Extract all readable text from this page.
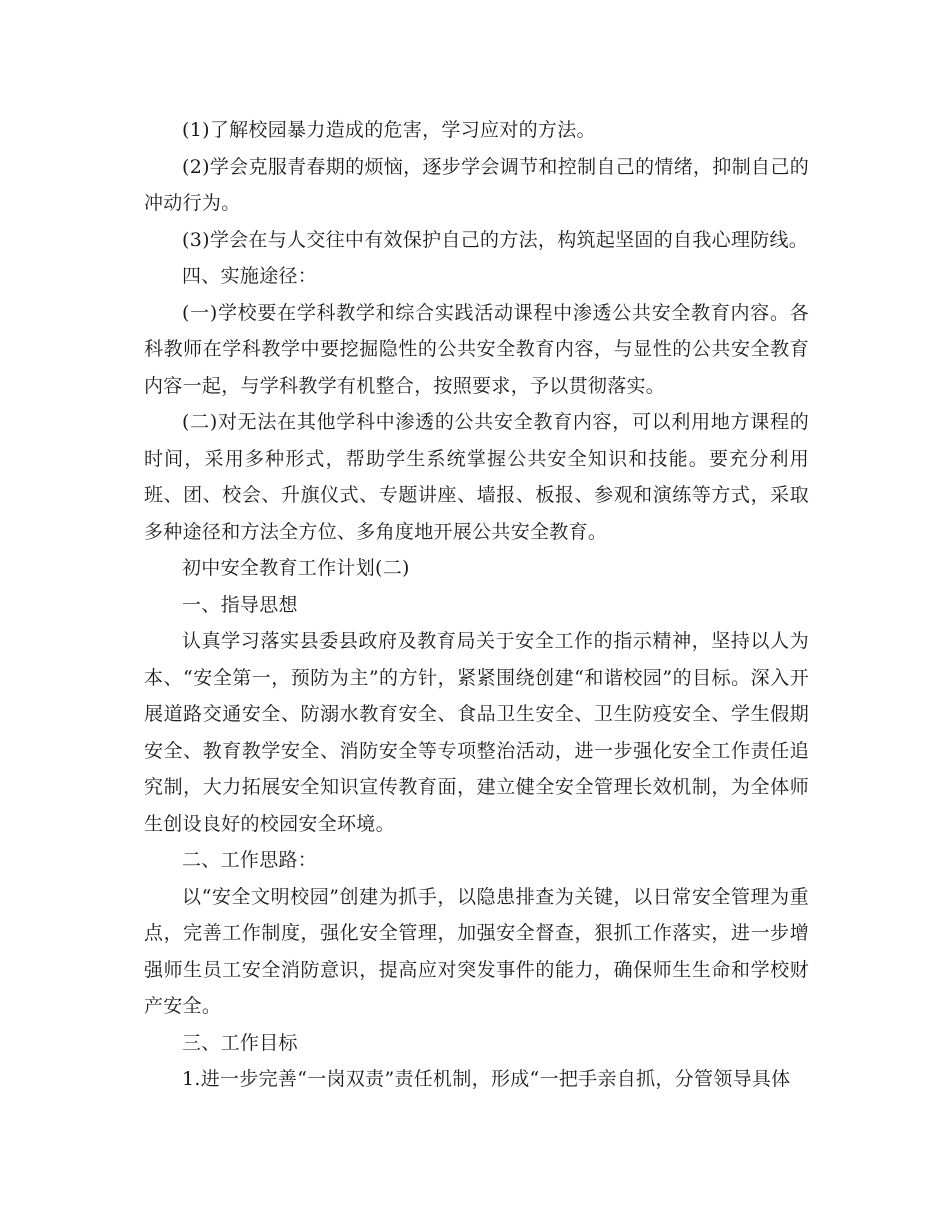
(1)了解校园暴力造成的危害，学习应对的方法。

(2)学会克服青春期的烦恼，逐步学会调节和控制自己的情绪，抑制自己的冲动行为。

(3)学会在与人交往中有效保护自己的方法，构筑起坚固的自我心理防线。

四、实施途径：

(一)学校要在学科教学和综合实践活动课程中渗透公共安全教育内容。各科教师在学科教学中要挖掘隐性的公共安全教育内容，与显性的公共安全教育内容一起，与学科教学有机整合，按照要求，予以贯彻落实。

(二)对无法在其他学科中渗透的公共安全教育内容，可以利用地方课程的时间，采用多种形式，帮助学生系统掌握公共安全知识和技能。要充分利用班、团、校会、升旗仪式、专题讲座、墙报、板报、参观和演练等方式，采取多种途径和方法全方位、多角度地开展公共安全教育。

初中安全教育工作计划(二)

一、指导思想

认真学习落实县委县政府及教育局关于安全工作的指示精神，坚持以人为本、“安全第一，预防为主”的方针，紧紧围绕创建“和谐校园”的目标。深入开展道路交通安全、防溺水教育安全、食品卫生安全、卫生防疫安全、学生假期安全、教育教学安全、消防安全等专项整治活动，进一步强化安全工作责任追究制，大力拓展安全知识宣传教育面，建立健全安全管理长效机制，为全体师生创设良好的校园安全环境。

二、工作思路：

以“安全文明校园”创建为抓手，以隐患排查为关键，以日常安全管理为重点，完善工作制度，强化安全管理，加强安全督查，狠抓工作落实，进一步增强师生员工安全消防意识，提高应对突发事件的能力，确保师生生命和学校财产安全。

三、工作目标

1.进一步完善“一岗双责”责任机制，形成“一把手亲自抓，分管领导具体
